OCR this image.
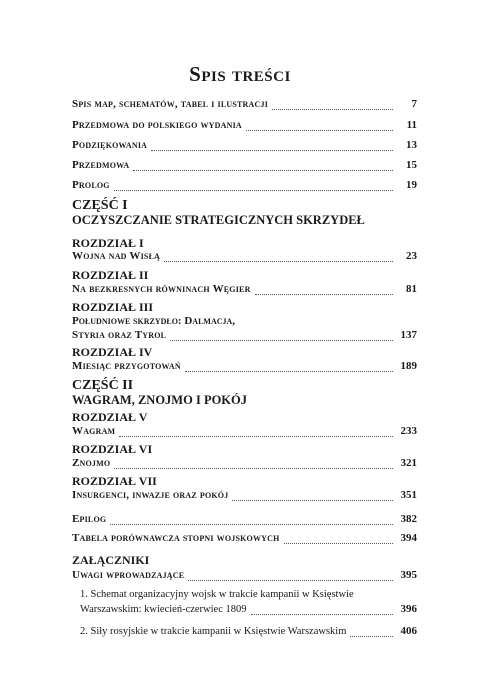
Spis treści
Spis map, schematów, tabel i ilustracji	7
Przedmowa do polskiego wydania	11
Podziękowania	13
Przedmowa	15
Prolog	19
CZĘŚĆ I
OCZYSZCZANIE STRATEGICZNYCH SKRZYDEŁ
ROZDZIAŁ I
Wojna nad Wisłą	23
ROZDZIAŁ II
Na bezkresnych równinach Węgier	81
ROZDZIAŁ III
Południowe skrzydło: Dalmacja,
Styria oraz Tyrol	137
ROZDZIAŁ IV
Miesiąc przygotowań	189
CZĘŚĆ II
WAGRAM, ZNOJMO I POKÓJ
ROZDZIAŁ V
Wagram	233
ROZDZIAŁ VI
Znojmo	321
ROZDZIAŁ VII
Insurgenci, inwazje oraz pokój	351
Epilog	382
Tabela porównawcza stopni wojskowych	394
ZAŁĄCZNIKI
Uwagi wprowadzające	395
1. Schemat organizacyjny wojsk w trakcie kampanii w Księstwie
Warszawskim: kwiecień-czerwiec 1809	396
2. Siły rosyjskie w trakcie kampanii w Księstwie Warszawskim	406
